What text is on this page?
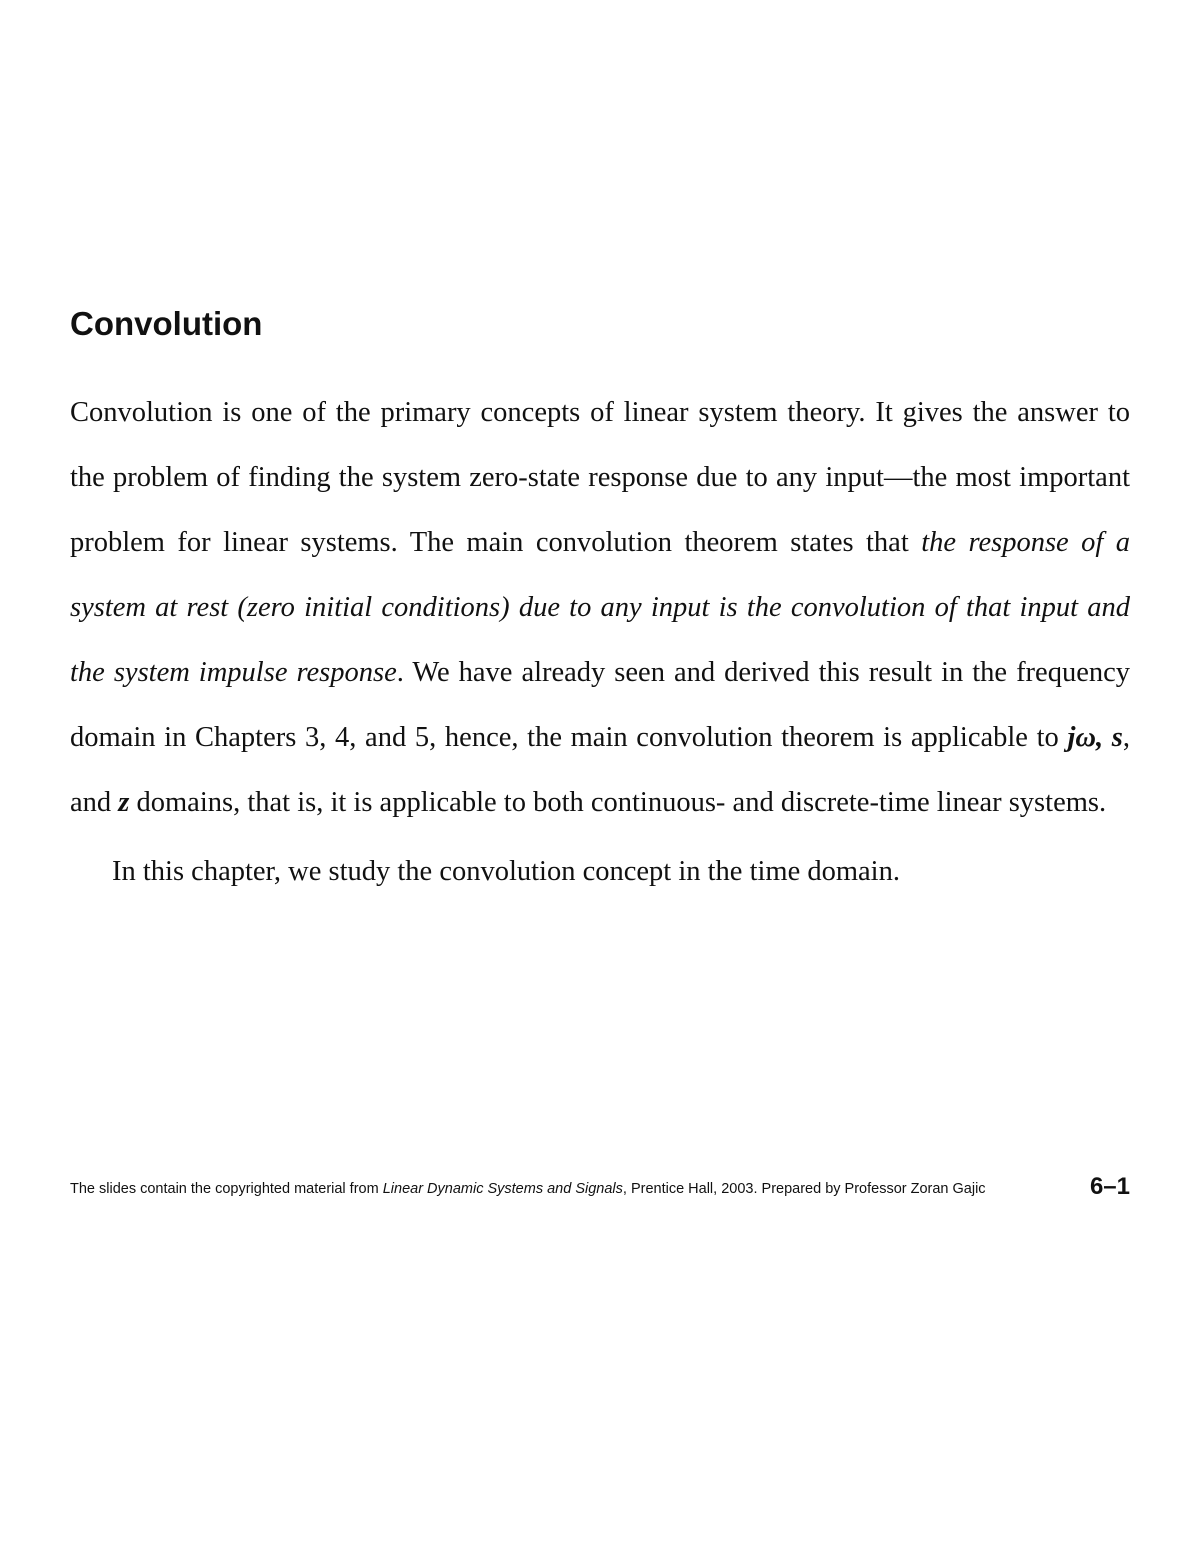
Convolution

Convolution is one of the primary concepts of linear system theory. It gives the answer to the problem of finding the system zero-state response due to any input—the most important problem for linear systems. The main convolution theorem states that the response of a system at rest (zero initial conditions) due to any input is the convolution of that input and the system impulse response. We have already seen and derived this result in the frequency domain in Chapters 3, 4, and 5, hence, the main convolution theorem is applicable to jω, s, and z domains, that is, it is applicable to both continuous- and discrete-time linear systems.

In this chapter, we study the convolution concept in the time domain.

The slides contain the copyrighted material from Linear Dynamic Systems and Signals, Prentice Hall, 2003. Prepared by Professor Zoran Gajic	6–1
